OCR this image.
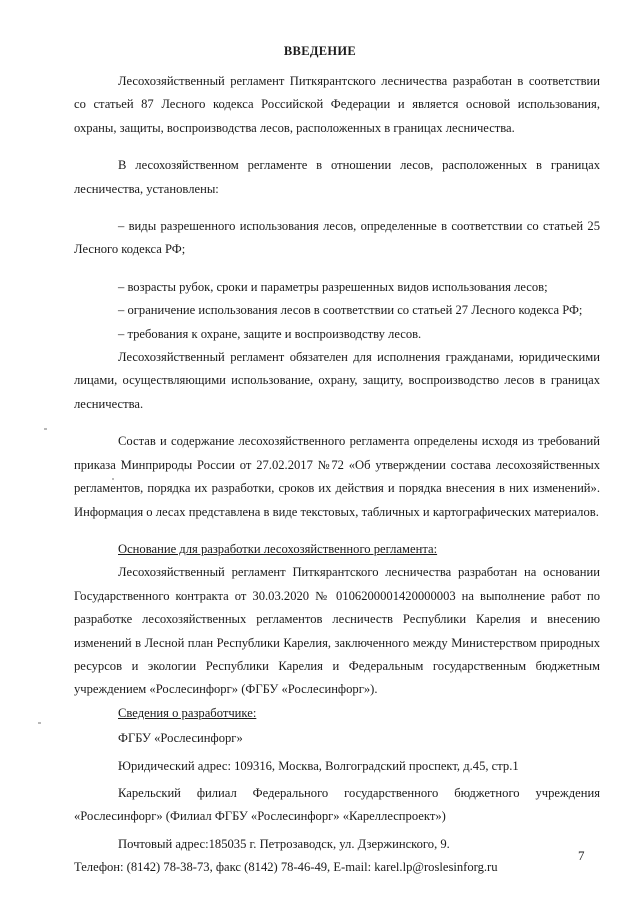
ВВЕДЕНИЕ

Лесохозяйственный регламент Питкярантского лесничества разработан в соответствии со статьей 87 Лесного кодекса Российской Федерации и является основой использования, охраны, защиты, воспроизводства лесов, расположенных в границах лесничества.

В лесохозяйственном регламенте в отношении лесов, расположенных в границах лесничества, установлены:

– виды разрешенного использования лесов, определенные в соответствии со статьей 25 Лесного кодекса РФ;

– возрасты рубок, сроки и параметры разрешенных видов использования лесов;

– ограничение использования лесов в соответствии со статьей 27 Лесного кодекса РФ;

– требования к охране, защите и воспроизводству лесов.

Лесохозяйственный регламент обязателен для исполнения гражданами, юридическими лицами, осуществляющими использование, охрану, защиту, воспроизводство лесов в границах лесничества.

Состав и содержание лесохозяйственного регламента определены исходя из требований приказа Минприроды России от 27.02.2017 №72 «Об утверждении состава лесохозяйственных регламентов, порядка их разработки, сроков их действия и порядка внесения в них изменений». Информация о лесах представлена в виде текстовых, табличных и картографических материалов.

Основание для разработки лесохозяйственного регламента:

Лесохозяйственный регламент Питкярантского лесничества разработан на основании Государственного контракта от 30.03.2020 № 0106200001420000003 на выполнение работ по разработке лесохозяйственных регламентов лесничеств Республики Карелия и внесению изменений в Лесной план Республики Карелия, заключенного между Министерством природных ресурсов и экологии Республики Карелия и Федеральным государственным бюджетным учреждением «Рослесинфорг» (ФГБУ «Рослесинфорг»).

Сведения о разработчике:

ФГБУ «Рослесинфорг»

Юридический адрес: 109316, Москва, Волгоградский проспект, д.45, стр.1

Карельский филиал Федерального государственного бюджетного учреждения «Рослесинфорг» (Филиал ФГБУ «Рослесинфорг» «Кареллеспроект»)

Почтовый адрес:185035 г. Петрозаводск, ул. Дзержинского, 9.

Телефон: (8142) 78-38-73, факс (8142) 78-46-49, E-mail: karel.lp@roslesinforg.ru

7
